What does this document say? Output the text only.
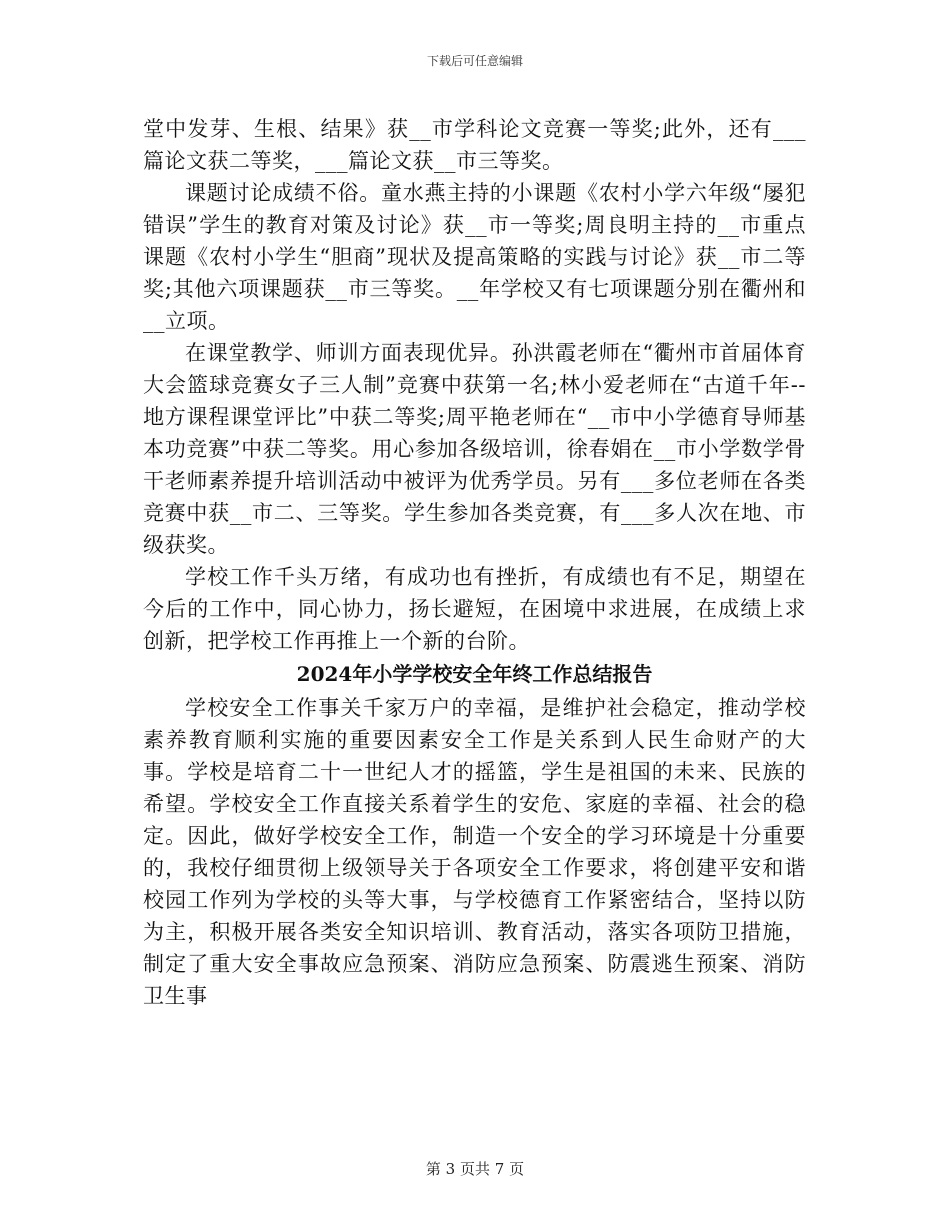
下载后可任意编辑

堂中发芽、生根、结果》获__市学科论文竞赛一等奖;此外，还有___篇论文获二等奖，___篇论文获__市三等奖。

课题讨论成绩不俗。童水燕主持的小课题《农村小学六年级“屡犯错误”学生的教育对策及讨论》获__市一等奖;周良明主持的__市重点课题《农村小学生“胆商”现状及提高策略的实践与讨论》获__市二等奖;其他六项课题获__市三等奖。__年学校又有七项课题分别在衢州和__立项。

在课堂教学、师训方面表现优异。孙洪霞老师在“衢州市首届体育大会篮球竞赛女子三人制”竞赛中获第一名;林小爱老师在“古道千年--地方课程课堂评比”中获二等奖;周平艳老师在“__市中小学德育导师基本功竞赛”中获二等奖。用心参加各级培训，徐春娟在__市小学数学骨干老师素养提升培训活动中被评为优秀学员。另有___多位老师在各类竞赛中获__市二、三等奖。学生参加各类竞赛，有___多人次在地、市级获奖。

学校工作千头万绪，有成功也有挫折，有成绩也有不足，期望在今后的工作中，同心协力，扬长避短，在困境中求进展，在成绩上求创新，把学校工作再推上一个新的台阶。

2024年小学学校安全年终工作总结报告

学校安全工作事关千家万户的幸福，是维护社会稳定，推动学校素养教育顺利实施的重要因素安全工作是关系到人民生命财产的大事。学校是培育二十一世纪人才的摇篮，学生是祖国的未来、民族的希望。学校安全工作直接关系着学生的安危、家庭的幸福、社会的稳定。因此，做好学校安全工作，制造一个安全的学习环境是十分重要的，我校仔细贯彻上级领导关于各项安全工作要求，将创建平安和谐校园工作列为学校的头等大事，与学校德育工作紧密结合，坚持以防为主，积极开展各类安全知识培训、教育活动，落实各项防卫措施，制定了重大安全事故应急预案、消防应急预案、防震逃生预案、消防卫生事

第 3 页共 7 页
